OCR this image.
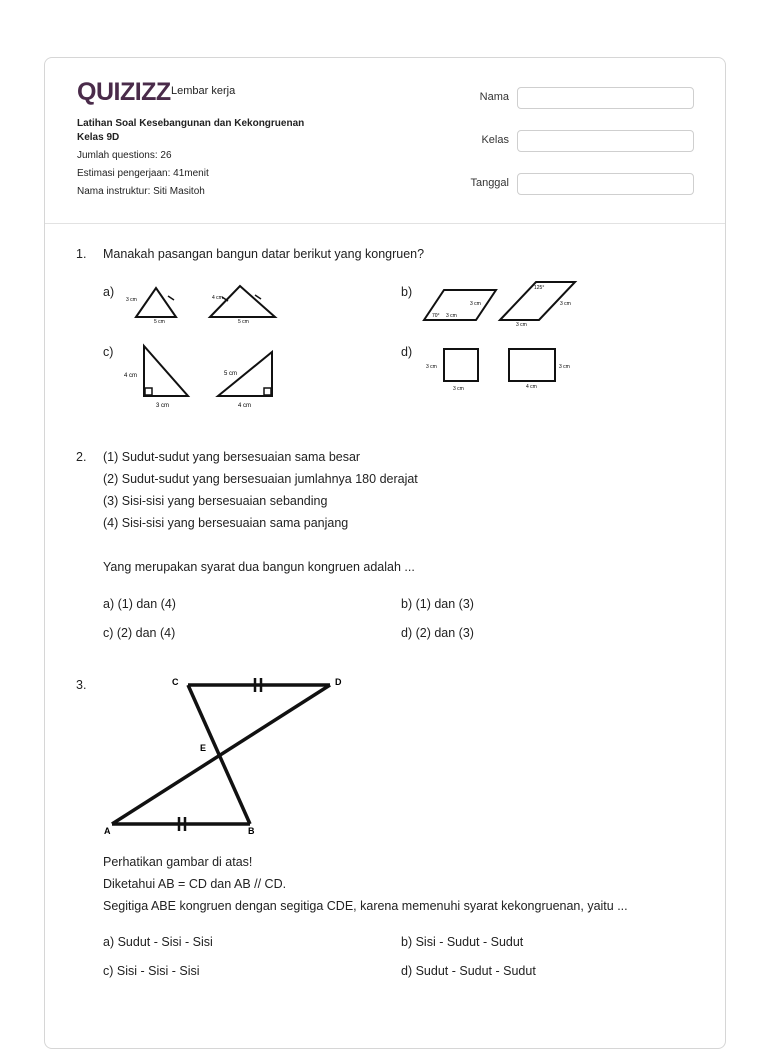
QUIZIZZ Lembar kerja
Latihan Soal Kesebangunan dan Kekongruenan
Kelas 9D
Jumlah questions: 26
Estimasi pengerjaan: 41menit
Nama instruktur: Siti Masitoh
Nama
Kelas
Tanggal
1. Manakah pasangan bangun datar berikut yang kongruen?
a)
3 cm
5 cm
4 cm
5 cm
b)
70° 3 cm
3 cm
125°
3 cm
3 cm
c)
4 cm
3 cm
5 cm
4 cm
d)
3 cm
3 cm
3 cm
4 cm
2. (1) Sudut-sudut yang bersesuaian sama besar
(2) Sudut-sudut yang bersesuaian jumlahnya 180 derajat
(3) Sisi-sisi yang bersesuaian sebanding
(4) Sisi-sisi yang bersesuaian sama panjang
Yang merupakan syarat dua bangun kongruen adalah ...
a) (1) dan (4)	b) (1) dan (3)
c) (2) dan (4)	d) (2) dan (3)
3.	C	D
E
A	B
Perhatikan gambar di atas!
Diketahui AB = CD dan AB // CD.
Segitiga ABE kongruen dengan segitiga CDE, karena memenuhi syarat kekongruenan, yaitu ...
a) Sudut - Sisi - Sisi	b) Sisi - Sudut - Sudut
c) Sisi - Sisi - Sisi	d) Sudut - Sudut - Sudut
